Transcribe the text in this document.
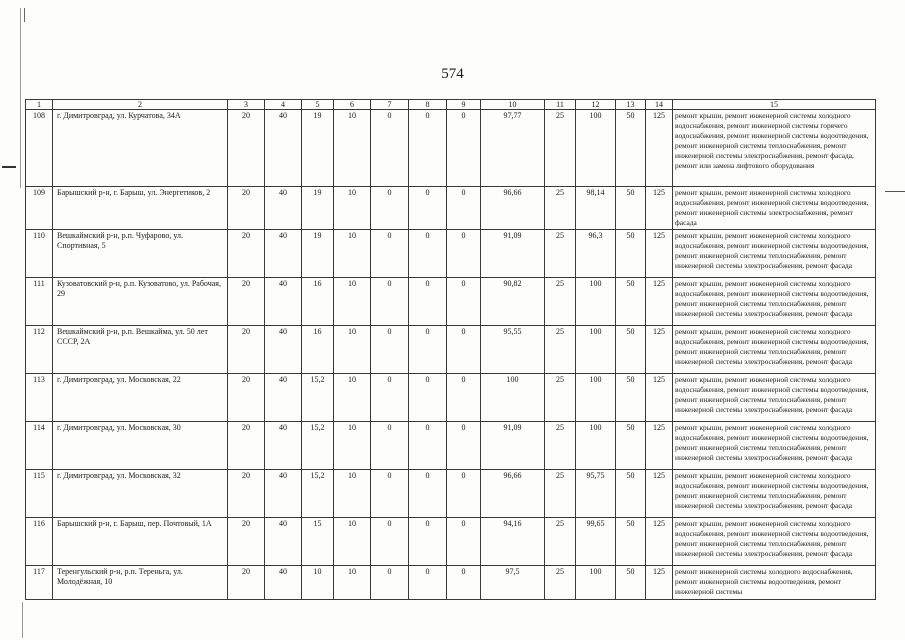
574
1	2	3	4	5	6	7	8	9	10	11	12	13	14	15
108	г. Димитровград, ул. Курчатова, 34А	20	40	19	10	0	0	0	97,77	25	100	50	125	ремонт крыши, ремонт инженерной системы холодного водоснабжения, ремонт инженерной системы горячего водоснабжения, ремонт инженерной системы водоотведения, ремонт инженерной системы теплоснабжения, ремонт инженерной системы электроснабжения, ремонт фасада, ремонт или замена лифтового оборудования
109	Барышский р-н, г. Барыш, ул. Энергетиков, 2	20	40	19	10	0	0	0	96,66	25	98,14	50	125	ремонт крыши, ремонт инженерной системы холодного водоснабжения, ремонт инженерной системы водоотведения, ремонт инженерной системы электроснабжения, ремонт фасада
110	Вешкаймский р-н, р.п. Чуфарово, ул. Спортивная, 5	20	40	19	10	0	0	0	91,09	25	96,3	50	125	ремонт крыши, ремонт инженерной системы холодного водоснабжения, ремонт инженерной системы водоотведения, ремонт инженерной системы теплоснабжения, ремонт инженерной системы электроснабжения, ремонт фасада
111	Кузоватовский р-н, р.п. Кузоватово, ул. Рабочая, 29	20	40	16	10	0	0	0	90,82	25	100	50	125	ремонт крыши, ремонт инженерной системы холодного водоснабжения, ремонт инженерной системы водоотведения, ремонт инженерной системы теплоснабжения, ремонт инженерной системы электроснабжения, ремонт фасада
112	Вешкаймский р-н, р.п. Вешкайма, ул. 50 лет СССР, 2А	20	40	16	10	0	0	0	95,55	25	100	50	125	ремонт крыши, ремонт инженерной системы холодного водоснабжения, ремонт инженерной системы водоотведения, ремонт инженерной системы теплоснабжения, ремонт инженерной системы электроснабжения, ремонт фасада
113	г. Димитровград, ул. Московская, 22	20	40	15,2	10	0	0	0	100	25	100	50	125	ремонт крыши, ремонт инженерной системы холодного водоснабжения, ремонт инженерной системы водоотведения, ремонт инженерной системы теплоснабжения, ремонт инженерной системы электроснабжения, ремонт фасада
114	г. Димитровград, ул. Московская, 30	20	40	15,2	10	0	0	0	91,09	25	100	50	125	ремонт крыши, ремонт инженерной системы холодного водоснабжения, ремонт инженерной системы водоотведения, ремонт инженерной системы теплоснабжения, ремонт инженерной системы электроснабжения, ремонт фасада
115	г. Димитровград, ул. Московская, 32	20	40	15,2	10	0	0	0	96,66	25	95,75	50	125	ремонт крыши, ремонт инженерной системы холодного водоснабжения, ремонт инженерной системы водоотведения, ремонт инженерной системы теплоснабжения, ремонт инженерной системы электроснабжения, ремонт фасада
116	Барышский р-н, г. Барыш, пер. Почтовый, 1А	20	40	15	10	0	0	0	94,16	25	99,65	50	125	ремонт крыши, ремонт инженерной системы холодного водоснабжения, ремонт инженерной системы водоотведения, ремонт инженерной системы теплоснабжения, ремонт инженерной системы электроснабжения, ремонт фасада
117	Теренгульский р-н, р.п. Тереньга, ул. Молодёжная, 10	20	40	10	10	0	0	0	97,5	25	100	50	125	ремонт инженерной системы холодного водоснабжения, ремонт инженерной системы водоотведения, ремонт инженерной системы
